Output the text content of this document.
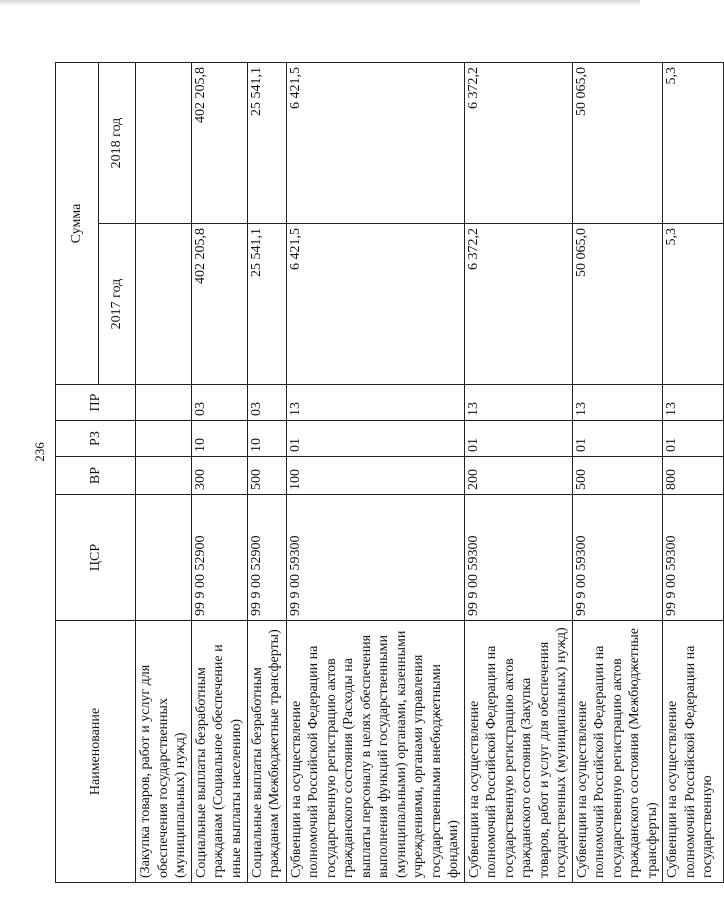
236
Наименование	ЦСР	ВР	РЗ	ПР	Сумма	
					2017 год	2018 год
(Закупка товаров, работ и услуг для обеспечения государственных (муниципальных) нужд)						
Социальные выплаты безработным гражданам (Социальное обеспечение и иные выплаты населению)	99 9 00 52900	300	10	03	402 205,8	402 205,8
Социальные выплаты безработным гражданам (Межбюджетные трансферты)	99 9 00 52900	500	10	03	25 541,1	25 541,1
Субвенции на осуществление полномочий Российской Федерации на государственную регистрацию актов гражданского состояния (Расходы на выплаты персоналу в целях обеспечения выполнения функций государственными (муниципальными) органами, казенными учреждениями, органами управления государственными внебюджетными фондами)	99 9 00 59300	100	01	13	6 421,5	6 421,5
Субвенции на осуществление полномочий Российской Федерации на государственную регистрацию актов гражданского состояния (Закупка товаров, работ и услуг для обеспечения государственных (муниципальных) нужд)	99 9 00 59300	200	01	13	6 372,2	6 372,2
Субвенции на осуществление полномочий Российской Федерации на государственную регистрацию актов гражданского состояния (Межбюджетные трансферты)	99 9 00 59300	500	01	13	50 065,0	50 065,0
Субвенции на осуществление полномочий Российской Федерации на государственную	99 9 00 59300	800	01	13	5,3	5,3
